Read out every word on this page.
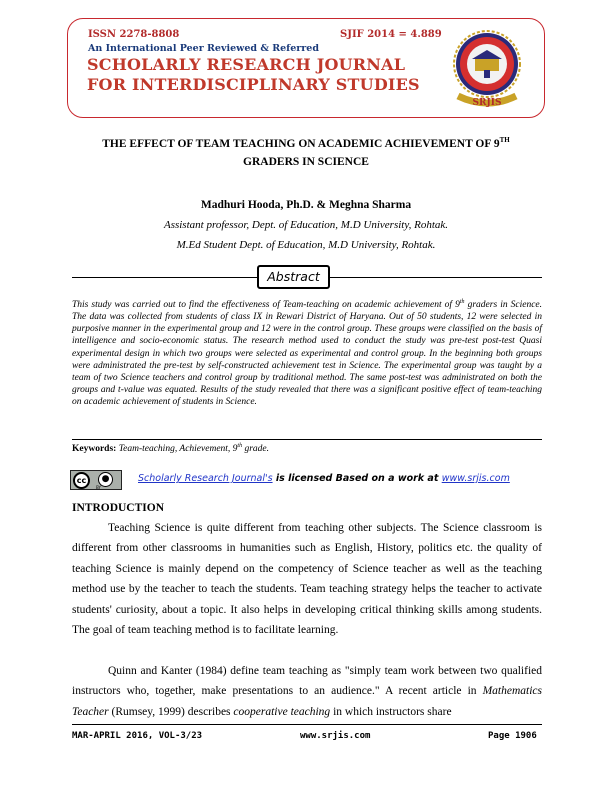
ISSN 2278-8808	SJIF 2014 = 4.889
An International Peer Reviewed & Referred
SCHOLARLY RESEARCH JOURNAL
FOR INTERDISCIPLINARY STUDIES
SRJIS
THE EFFECT OF TEAM TEACHING ON ACADEMIC ACHIEVEMENT OF 9TH
GRADERS IN SCIENCE
Madhuri Hooda, Ph.D. & Meghna Sharma
Assistant professor, Dept. of Education, M.D University, Rohtak.
M.Ed Student Dept. of Education, M.D University, Rohtak.
Abstract
This study was carried out to find the effectiveness of Team-teaching on academic achievement of 9th graders in Science. The data was collected from students of class IX in Rewari District of Haryana. Out of 50 students, 12 were selected in purposive manner in the experimental group and 12 were in the control group. These groups were classified on the basis of intelligence and socio-economic status. The research method used to conduct the study was pre-test post-test Quasi experimental design in which two groups were selected as experimental and control group. In the beginning both groups were administrated the pre-test by self-constructed achievement test in Science. The experimental group was taught by a team of two Science teachers and control group by traditional method. The same post-test was administrated on both the groups and t-value was equated. Results of the study revealed that there was a significant positive effect of team-teaching on academic achievement of students in Science.
Keywords: Team-teaching, Achievement, 9th grade.
cc	●
BY
Scholarly Research Journal's is licensed Based on a work at www.srjis.com
INTRODUCTION
Teaching Science is quite different from teaching other subjects. The Science classroom is different from other classrooms in humanities such as English, History, politics etc. the quality of teaching Science is mainly depend on the competency of Science teacher as well as the teaching method use by the teacher to teach the students. Team teaching strategy helps the teacher to activate students' curiosity, about a topic. It also helps in developing critical thinking skills among students. The goal of team teaching method is to facilitate learning.
Quinn and Kanter (1984) define team teaching as "simply team work between two qualified instructors who, together, make presentations to an audience." A recent article in Mathematics Teacher (Rumsey, 1999) describes cooperative teaching in which instructors share
MAR-APRIL 2016, VOL-3/23	www.srjis.com	Page 1906
